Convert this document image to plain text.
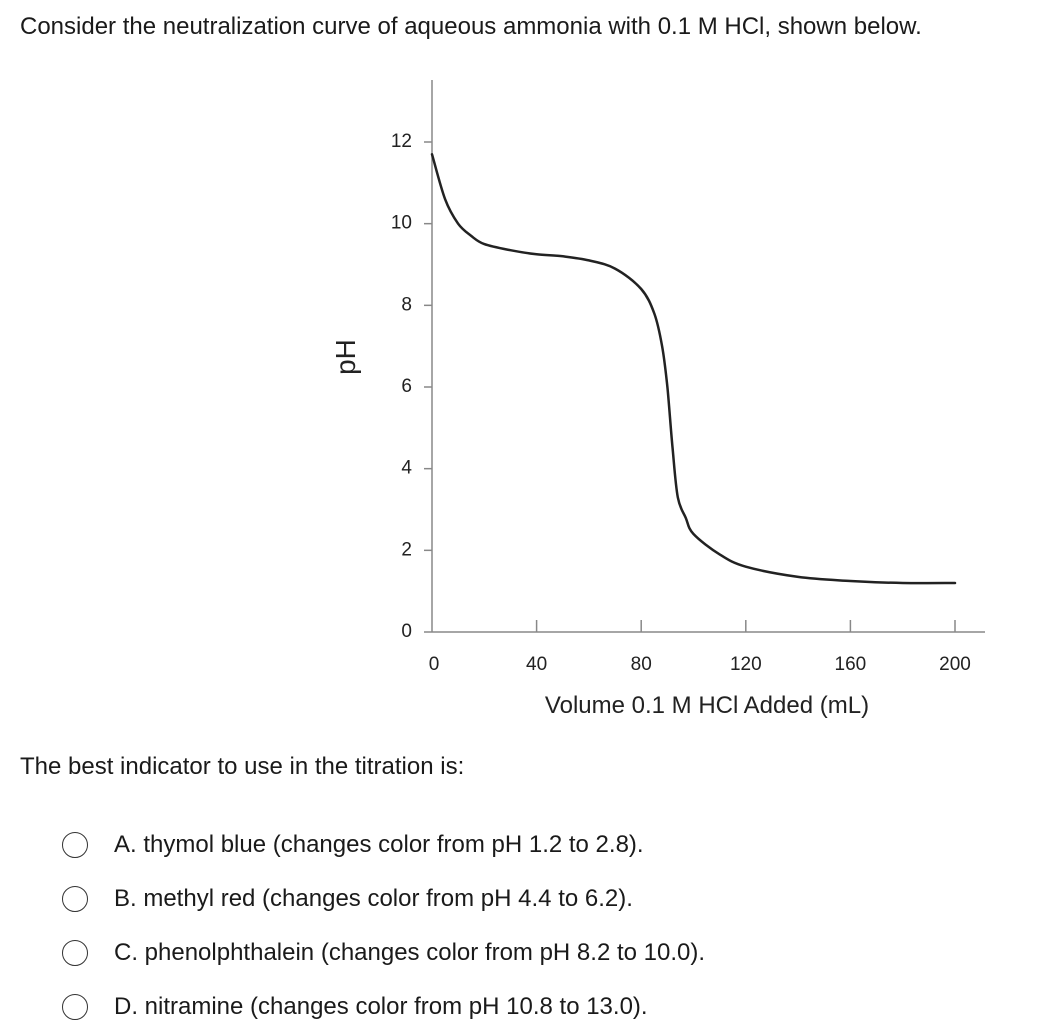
Consider the neutralization curve of aqueous ammonia with 0.1 M HCl, shown below.
0
2
4
6
8
10
12
0	40	80	120	160	200
pH
Volume 0.1 M HCl Added (mL)
The best indicator to use in the titration is:
A. thymol blue (changes color from pH 1.2 to 2.8).
B. methyl red (changes color from pH 4.4 to 6.2).
C. phenolphthalein (changes color from pH 8.2 to 10.0).
D. nitramine (changes color from pH 10.8 to 13.0).
